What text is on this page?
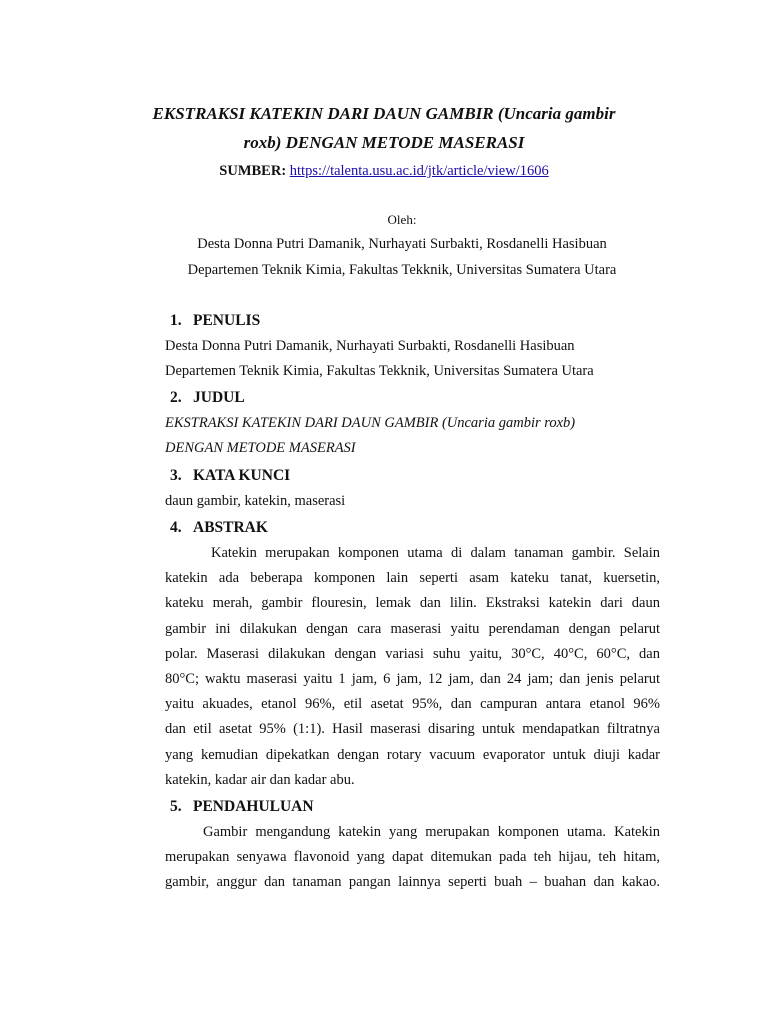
EKSTRAKSI KATEKIN DARI DAUN GAMBIR (Uncaria gambir
roxb) DENGAN METODE MASERASI

SUMBER: https://talenta.usu.ac.id/jtk/article/view/1606

Oleh:

Desta Donna Putri Damanik, Nurhayati Surbakti, Rosdanelli Hasibuan

Departemen Teknik Kimia, Fakultas Tekknik, Universitas Sumatera Utara

1. PENULIS
Desta Donna Putri Damanik, Nurhayati Surbakti, Rosdanelli Hasibuan
Departemen Teknik Kimia, Fakultas Tekknik, Universitas Sumatera Utara
2. JUDUL
EKSTRAKSI KATEKIN DARI DAUN GAMBIR (Uncaria gambir roxb)
DENGAN METODE MASERASI
3. KATA KUNCI
daun gambir, katekin, maserasi
4. ABSTRAK
Katekin merupakan komponen utama di dalam tanaman gambir. Selain
katekin ada beberapa komponen lain seperti asam kateku tanat, kuersetin,
kateku merah, gambir flouresin, lemak dan lilin. Ekstraksi katekin dari daun
gambir ini dilakukan dengan cara maserasi yaitu perendaman dengan pelarut
polar. Maserasi dilakukan dengan variasi suhu yaitu, 30°C, 40°C, 60°C, dan
80°C; waktu maserasi yaitu 1 jam, 6 jam, 12 jam, dan 24 jam; dan jenis pelarut
yaitu akuades, etanol 96%, etil asetat 95%, dan campuran antara etanol 96%
dan etil asetat 95% (1:1). Hasil maserasi disaring untuk mendapatkan filtratnya
yang kemudian dipekatkan dengan rotary vacuum evaporator untuk diuji kadar
katekin, kadar air dan kadar abu.
5. PENDAHULUAN
Gambir mengandung katekin yang merupakan komponen utama. Katekin
merupakan senyawa flavonoid yang dapat ditemukan pada teh hijau, teh hitam,
gambir, anggur dan tanaman pangan lainnya seperti buah – buahan dan kakao.
